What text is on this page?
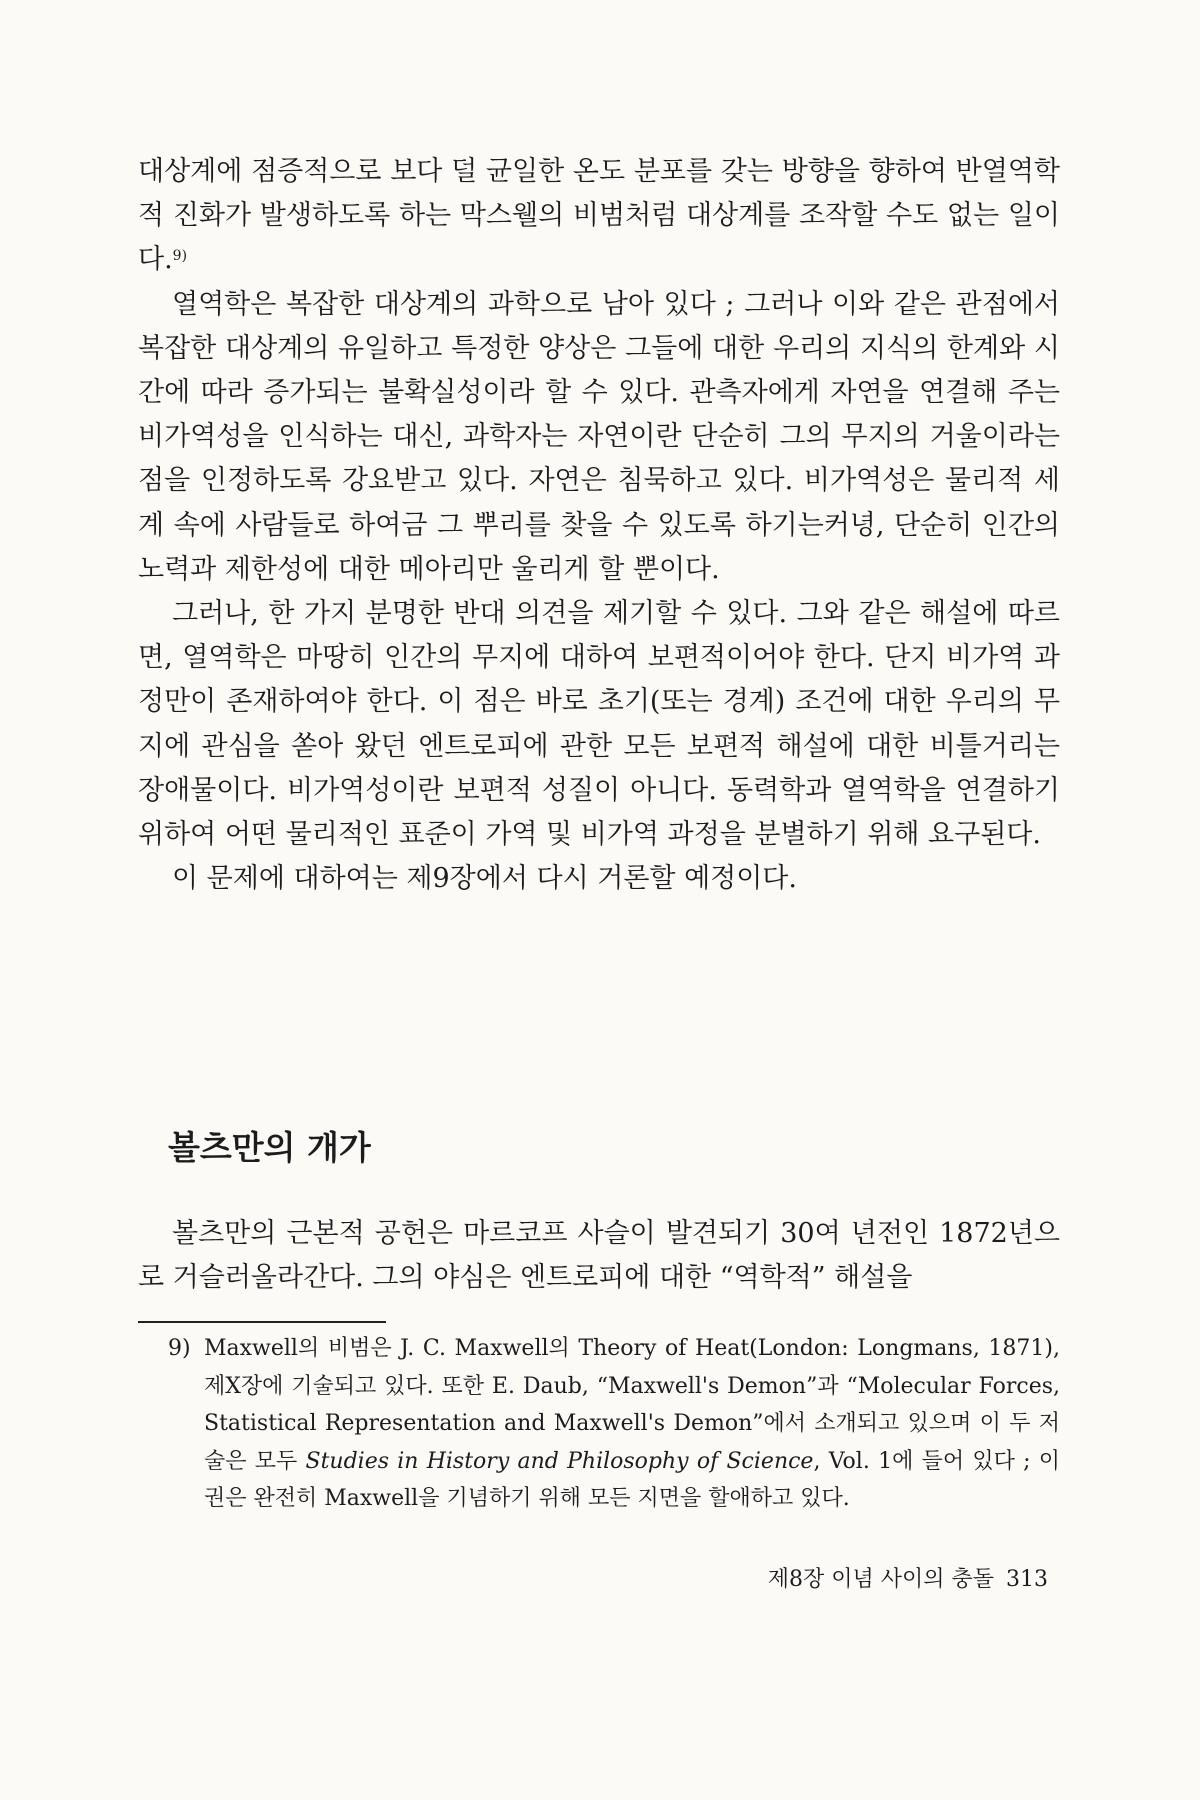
대상계에 점증적으로 보다 덜 균일한 온도 분포를 갖는 방향을 향하여 반열역학적 진화가 발생하도록 하는 막스웰의 비범처럼 대상계를 조작할 수도 없는 일이다.$^{9)}$

열역학은 복잡한 대상계의 과학으로 남아 있다 ; 그러나 이와 같은 관점에서 복잡한 대상계의 유일하고 특정한 양상은 그들에 대한 우리의 지식의 한계와 시간에 따라 증가되는 불확실성이라 할 수 있다. 관측자에게 자연을 연결해 주는 비가역성을 인식하는 대신, 과학자는 자연이란 단순히 그의 무지의 거울이라는 점을 인정하도록 강요받고 있다. 자연은 침묵하고 있다. 비가역성은 물리적 세계 속에 사람들로 하여금 그 뿌리를 찾을 수 있도록 하기는커녕, 단순히 인간의 노력과 제한성에 대한 메아리만 울리게 할 뿐이다.

그러나, 한 가지 분명한 반대 의견을 제기할 수 있다. 그와 같은 해설에 따르면, 열역학은 마땅히 인간의 무지에 대하여 보편적이어야 한다. 단지 비가역 과정만이 존재하여야 한다. 이 점은 바로 초기(또는 경계) 조건에 대한 우리의 무지에 관심을 쏟아 왔던 엔트로피에 관한 모든 보편적 해설에 대한 비틀거리는 장애물이다. 비가역성이란 보편적 성질이 아니다. 동력학과 열역학을 연결하기 위하여 어떤 물리적인 표준이 가역 및 비가역 과정을 분별하기 위해 요구된다.

이 문제에 대하여는 제9장에서 다시 거론할 예정이다.

볼츠만의 개가

볼츠만의 근본적 공헌은 마르코프 사슬이 발견되기 30여 년전인 1872년으로 거슬러올라간다. 그의 야심은 엔트로피에 대한 “역학적” 해설을

9) Maxwell의 비범은 J. C. Maxwell의 Theory of Heat(London: Longmans, 1871), 제X장에 기술되고 있다. 또한 E. Daub, “Maxwell's Demon”과 “Molecular Forces, Statistical Representation and Maxwell's Demon”에서 소개되고 있으며 이 두 저술은 모두 Studies in History and Philosophy of Science, Vol. 1에 들어 있다 ; 이 권은 완전히 Maxwell을 기념하기 위해 모든 지면을 할애하고 있다.
제8장 이념 사이의 충돌 313
